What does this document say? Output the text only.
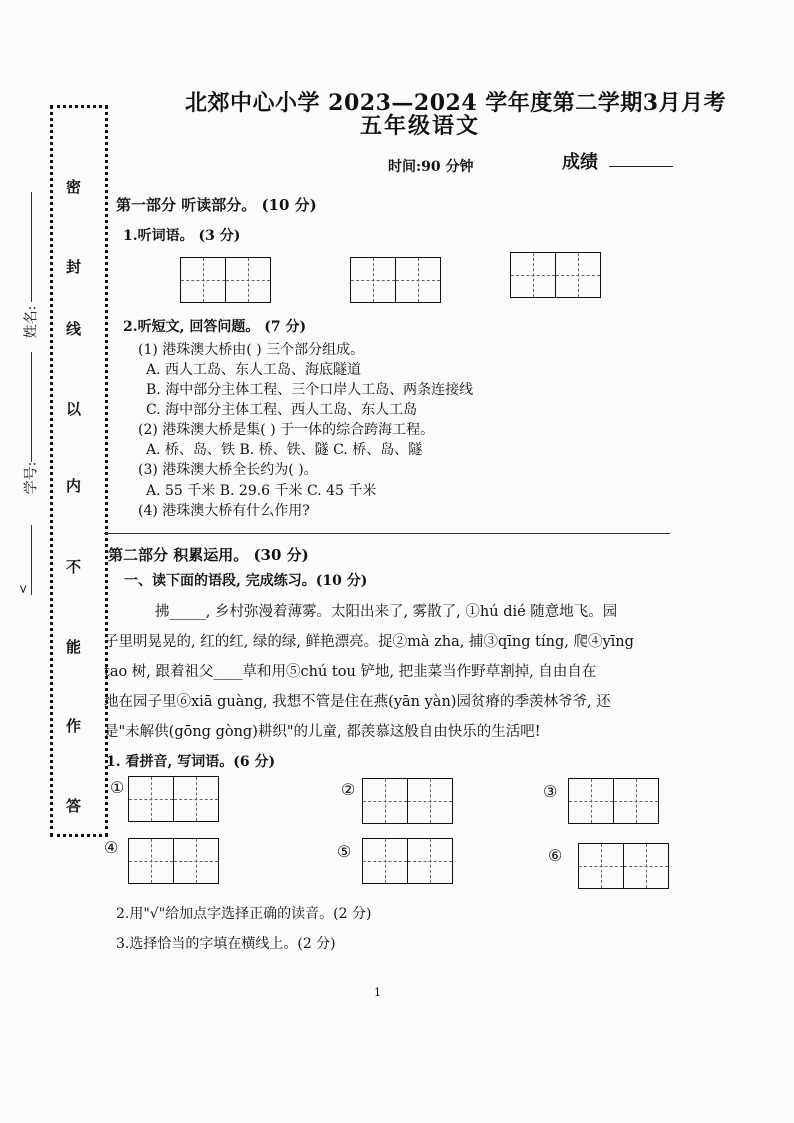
北郊中心小学 2023—2024 学年度第二学期3月月考
五年级语文
时间:90 分钟	成绩
密
封
线
以
内
不
能
作
答
姓名:
学号:
<
第一部分 听读部分。 (10 分)
1.听词语。 (3 分)
2.听短文, 回答问题。 (7 分)
(1) 港珠澳大桥由( ) 三个部分组成。
A. 西人工岛、东人工岛、海底隧道
B. 海中部分主体工程、三个口岸人工岛、两条连接线
C. 海中部分主体工程、西人工岛、东人工岛
(2) 港珠澳大桥是集( ) 于一体的综合跨海工程。
A. 桥、岛、铁 B. 桥、铁、隧 C. 桥、岛、隧
(3) 港珠澳大桥全长约为( )。
A. 55 千米 B. 29.6 千米 C. 45 千米
(4) 港珠澳大桥有什么作用?
第二部分 积累运用。 (30 分)
一、读下面的语段, 完成练习。(10 分)
拂_____, 乡村弥漫着薄雾。太阳出来了, 雾散了, ①hú dié 随意地飞。园
子里明晃晃的, 红的红, 绿的绿, 鲜艳漂亮。捉②mà zha, 捕③qīng tíng, 爬④yīng
tao 树, 跟着祖父____草和用⑤chú tou 铲地, 把韭菜当作野草割掉, 自由自在
地在园子里⑥xiā guàng, 我想不管是住在燕(yān yàn)园贫瘠的季羡林爷爷, 还
是"未解供(gōng gòng)耕织"的儿童, 都羡慕这般自由快乐的生活吧!
1. 看拼音, 写词语。(6 分)
①	②	③
④	⑤	⑥
2.用"√"给加点字选择正确的读音。(2 分)
3.选择恰当的字填在横线上。(2 分)
1
